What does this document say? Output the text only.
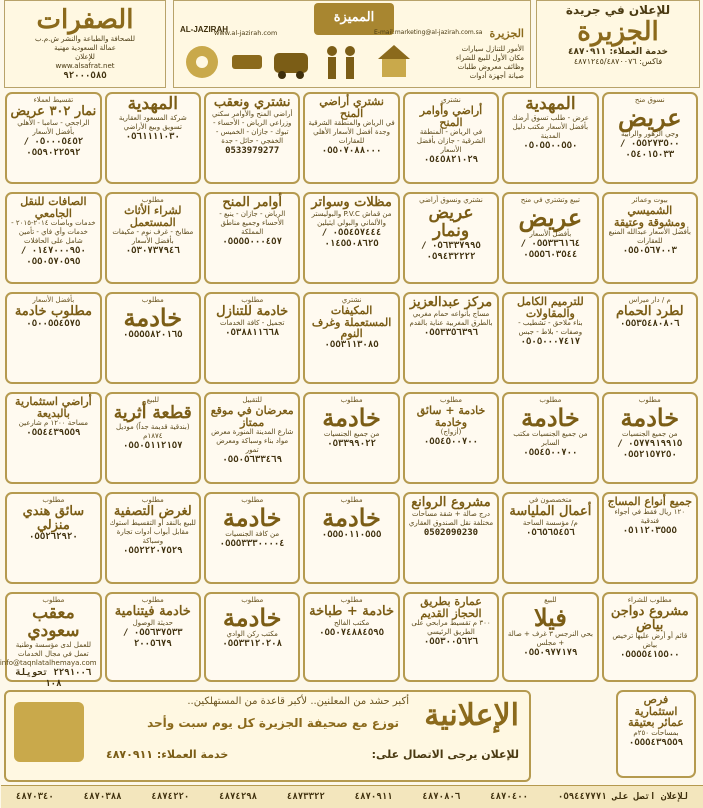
الصفرات
للصحافة والطباعة والنشر ش.م.ب
عمالة السعودية مهنية
للإعلان
www.alsafrat.net
٩٢٠٠٠٥٨٥
AL-JAZIRAH
المميزة
الجزيرة
www.al-jazirah.com	E-mail:marketing@al-jazirah.com.sa
الأمور للتنازل سيارات
مكان الأول للبيع للشراء
وظائف معروض طلبات
صيانة أجهزة أدوات
للإعلان في جريدة
الجزيرة
خدمة العملاء: ٤٨٧٠٩١١
فاكس: ٤٨٧١٢٤٥/٤٨٧٠٠٧٦
نسوق منح
عريض
وجي الزهور والرابية
٠٥٥٢٧٣٥٠٠ / ٠٥٤٠١٥٠٣٣
المهدية
عرض - طلب تسوق أرضك بأفضل الأسعار مكتب دليل المدينة
٠٥٠٥٥٠٠٥٥٠
نشتري
أراضي وأوامر المنح
في الرياض - المنطقة الشرقية - جازان بأفضل الأسعار
٠٥٤٥٨٢١٠٢٩
نشتري أراضي المنح
في الرياض والمنطقة الشرقية وجدة أفضل الأسعار الأهلي للعقارات
٠٥٥٠٧٠٨٨٠٠٠
نشتري ونعقب
أراضي المنح والأوامر سكني وزراعي الرياض - الأحساء - تبوك - جازان - الخميس - الخفجي - حائل - جدة
0533979277
المهدية
شركة المسعود العقارية تسويق وبيع الأراضي
٠٥٦١١١١٠٣٠
تقسيط لعملاء
نمار ٣٠٢ عريض
الراجحي - سامبا - الأهلي بأفضل الأسعار
٠٥٠٠٠٥٤٥٢ / ٠٥٥٩٠٢٢٥٩٢
بيوت وعمائر
الشميسي ومشوقة وعتيقة
بأفضل الأسعار عبدالله المنيع للعقارات
٠٥٥٠٥٦٧٠٠٣
تبيع وتشتري في منح
عريض
بأفضل الأسعار
٠٥٥٣٣٦١٦٤ / ٠٥٥٥٦٠٣٥٤٤
نشتري ونسوق أراضي
عريض ونمار
٠٥٦٣٣٧٩٩٥ / ٠٥٩٤٣٢٢٢٢
مظلات وسواتر
من قماش P.V.C والبوليستر والألماني والبولي ايثيلين
٠٥٥٤٥٧٤٤٤ / ٠١٤٥٥٠٨٦٢٥
أوامر المنح
الرياض - جازان - ينبع - الأحساء وجميع مناطق المملكة
٠٥٥٥٥٠٠٠٤٥٧
مطلوب
لشراء الأثاث المستعمل
مطابخ - غرف نوم - مكيفات بأفضل الأسعار
٠٥٣٠٧٣٧٩٤٦
الصافات للنقل الجامعي
خدمات وباصات ٢٠١٤-٢٠١٥ - خدمات وأي فاي - تأمين شامل على الحافلات
٠١٤٧٠٠٠٩٥٠ / ٠٥٥٠٥٧٠٥٩٥
م / دار ميراس
لطرد الحمام
٠٥٥٣٥٤٨٠٨٠٦
للترميم الكامل والمقاولات
بناء ملاحق - تشطيب - وصفات - بلاط - جبس
٠٥٠٥٠٠٠٧٤١٧
مركز عبدالعزيز
مساج بأنواعه حمام مغربي بالطرق المغربية عناية بالقدم
٠٥٥٣٣٥٦٣٩٦
نشتري
المكيفات المستعملة وغرف النوم
٠٥٥٣١١٣٠٨٥
مطلوب
خادمة للتنازل
تجميل - كافة الخدمات
٠٥٣٨٨١١٦٦٨
مطلوب
خادمة
٠٥٥٥٥٨٢٠١٦٥
بأفضل الأسعار
مطلوب خادمة
٠٥٠٠٥٥٤٥٧٥
مطلوب
خادمة
من جميع الجنسيات
٠٥٧٧٩١٩٩١٥ / ٠٥٥٢١٥٧٢٥٠
مطلوب
خادمة
من جميع الجنسيات مكتب السابر
٠٥٥٤٥٠٠٧٠٠
مطلوب
خادمة + سائق وخادمة
(أزواج)
٠٥٥٤٥٠٠٧٠٠
مطلوب
خادمة
من جميع الجنسيات
٠٥٣٣٩٩٠٢٢
للتقبيل
معرضان في موقع ممتاز
شارع المدينة المنورة معرض مواد بناء وسباكة ومعرض تمور
٠٥٥٠٥٦٣٣٤٦٩
للبيع
قطعة أثرية
(بندقية قديمة جداً) موديل ١٨٧٤م
٠٥٥٠٥١١٢١٥٧
أراضي استثمارية بالبديعة
مساحة ١٢٠٠ م شارعين
٠٥٥٤٤٣٩٥٥٩
جميع أنواع المساج
١٢٠ ريال فقط في أجواء فندقية
٠٥١١٢٠٣٥٥٥
متخصصون في
أعمال الملياسة
م/ مؤسسة الساحة
٠٥٦٥٦٥٤٥٦
مشروع الروانع
درج صالة + شقة مساحات مختلفة نقل الصندوق العقاري
0502090230
مطلوب
خادمة
٠٥٥٥٠١١٠٥٥٥
مطلوب
خادمة
من كافة الجنسيات
٠٥٥٥٣٣٣٠٠٠٠٤
مطلوب
لغرض التصفية
للبيع بالنقد أو التقسيط استوك مقابل أبواب أدوات تجارة وسباكة
٠٥٥٢٢٢٠٧٥٢٩
مطلوب
سائق هندي منزلي
٠٥٥٢٦٢٩٢٠
مطلوب للشراء
مشروع دواجن بياض
قائم أو أرض عليها ترخيص بياض
٠٥٥٥٥٤١٥٥٠٠
للبيع
فيلا
بحي النرجس ٣ غرف + صالة + مجلس
٠٥٥٠٩٧٧١٧٩
عمارة بطريق الحجاز القديم
٣٠٠ م تقسيط مرابحي على الطريق الرئيسي
٠٥٥٣٠٠٥٦٢٦
مطلوب
خادمة + طباخة
مكتب الفالح
٠٥٥٠٧٤٨٨٤٥٩٥
مطلوب
خادمة
مكتب ركن الوادي
٠٥٥٣٣١٢٠٢٠٨
مطلوب
خادمة فيتنامية
حديثة الوصول
٠٥٥٦٣٧٥٣٣ / ٢٠٠٥٦٧٩
مطلوب
معقب سعودي
للعمل لدى مؤسسة وطنية تعمل في مجال الخدمات info@taqnlatalhemaya.com
٢٢٩١٠٠٦ تحويلة ١٠٨
فرص استثمارية عمائر بعتيقة
بمساحات ٢٥٠م
٠٥٥٥٤٣٩٥٥٩
أكبر حشد من المعلنين.. لأكبر قاعدة من المستهلكين..
توزع مع صحيفة الجزيرة كل يوم سبت وأحد الإعلانية
للإعلان يرجى الاتصال على:
خدمة العملاء: ٤٨٧٠٩١١
٤٨٧٠٣٤٠	٤٨٧٠٣٨٨	٤٨٧٤٢٢٠	٤٨٧٤٢٩٨	٤٨٧٣٣٢٢	٤٨٧٠٩١١	٤٨٧٠٨٠٦	٤٨٧٠٤٠٠	للإعلان اتصل على ٠٥٩٤٤٧٧٧١
